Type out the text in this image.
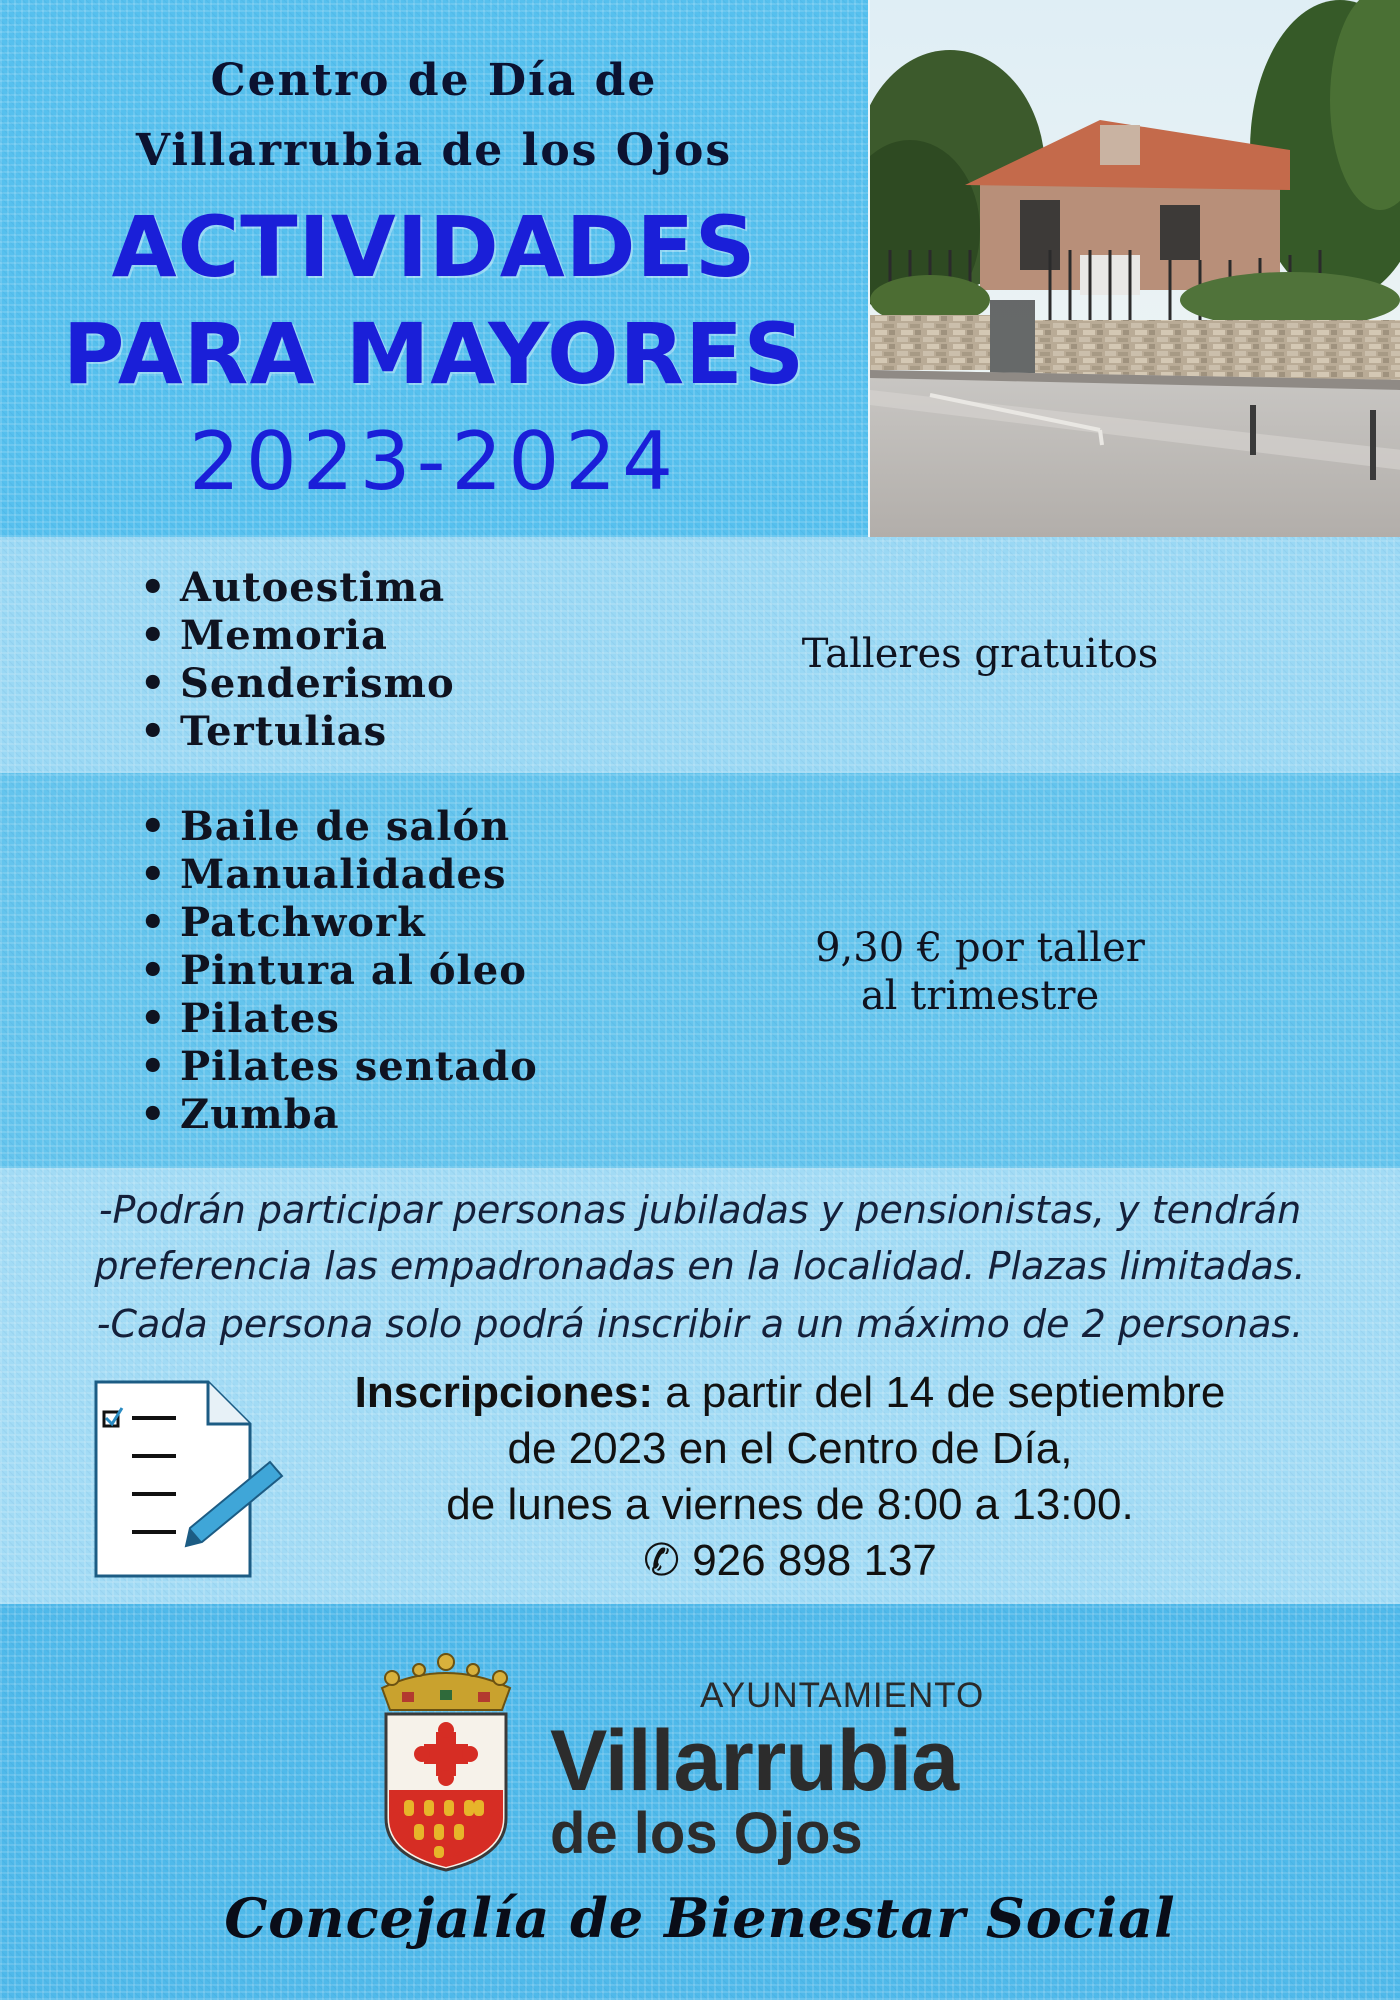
Centro de Día de
Villarrubia de los Ojos
ACTIVIDADES
PARA MAYORES
2023-2024
• Autoestima
• Memoria
• Senderismo
• Tertulias
Talleres gratuitos
• Baile de salón
• Manualidades
• Patchwork
• Pintura al óleo
• Pilates
• Pilates sentado
• Zumba
9,30 € por taller
al trimestre
-Podrán participar personas jubiladas y pensionistas, y tendrán
preferencia las empadronadas en la localidad. Plazas limitadas.
-Cada persona solo podrá inscribir a un máximo de 2 personas.
Inscripciones: a partir del 14 de septiembre
de 2023 en el Centro de Día,
de lunes a viernes de 8:00 a 13:00.
✆ 926 898 137
AYUNTAMIENTO
Villarrubia
de los Ojos
Concejalía de Bienestar Social
